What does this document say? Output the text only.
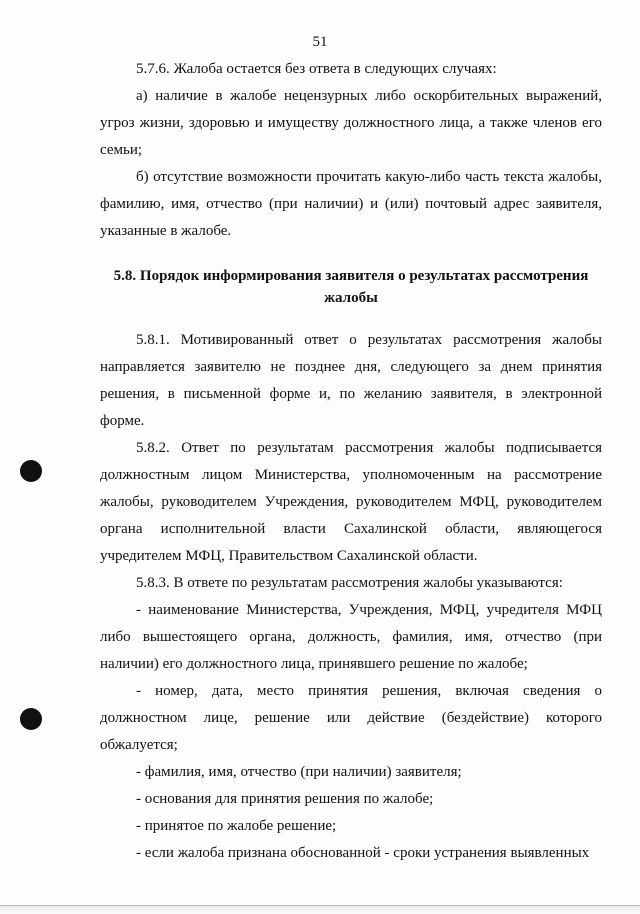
51

5.7.6. Жалоба остается без ответа в следующих случаях:

а) наличие в жалобе нецензурных либо оскорбительных выражений, угроз жизни, здоровью и имуществу должностного лица, а также членов его семьи;

б) отсутствие возможности прочитать какую-либо часть текста жалобы, фамилию, имя, отчество (при наличии) и (или) почтовый адрес заявителя, указанные в жалобе.

5.8. Порядок информирования заявителя о результатах рассмотрения
жалобы

5.8.1. Мотивированный ответ о результатах рассмотрения жалобы направляется заявителю не позднее дня, следующего за днем принятия решения, в письменной форме и, по желанию заявителя, в электронной форме.

5.8.2. Ответ по результатам рассмотрения жалобы подписывается должностным лицом Министерства, уполномоченным на рассмотрение жалобы, руководителем Учреждения, руководителем МФЦ, руководителем органа исполнительной власти Сахалинской области, являющегося учредителем МФЦ, Правительством Сахалинской области.

5.8.3. В ответе по результатам рассмотрения жалобы указываются:

- наименование Министерства, Учреждения, МФЦ, учредителя МФЦ либо вышестоящего органа, должность, фамилия, имя, отчество (при наличии) его должностного лица, принявшего решение по жалобе;

- номер, дата, место принятия решения, включая сведения о должностном лице, решение или действие (бездействие) которого обжалуется;

- фамилия, имя, отчество (при наличии) заявителя;

- основания для принятия решения по жалобе;

- принятое по жалобе решение;

- если жалоба признана обоснованной - сроки устранения выявленных
